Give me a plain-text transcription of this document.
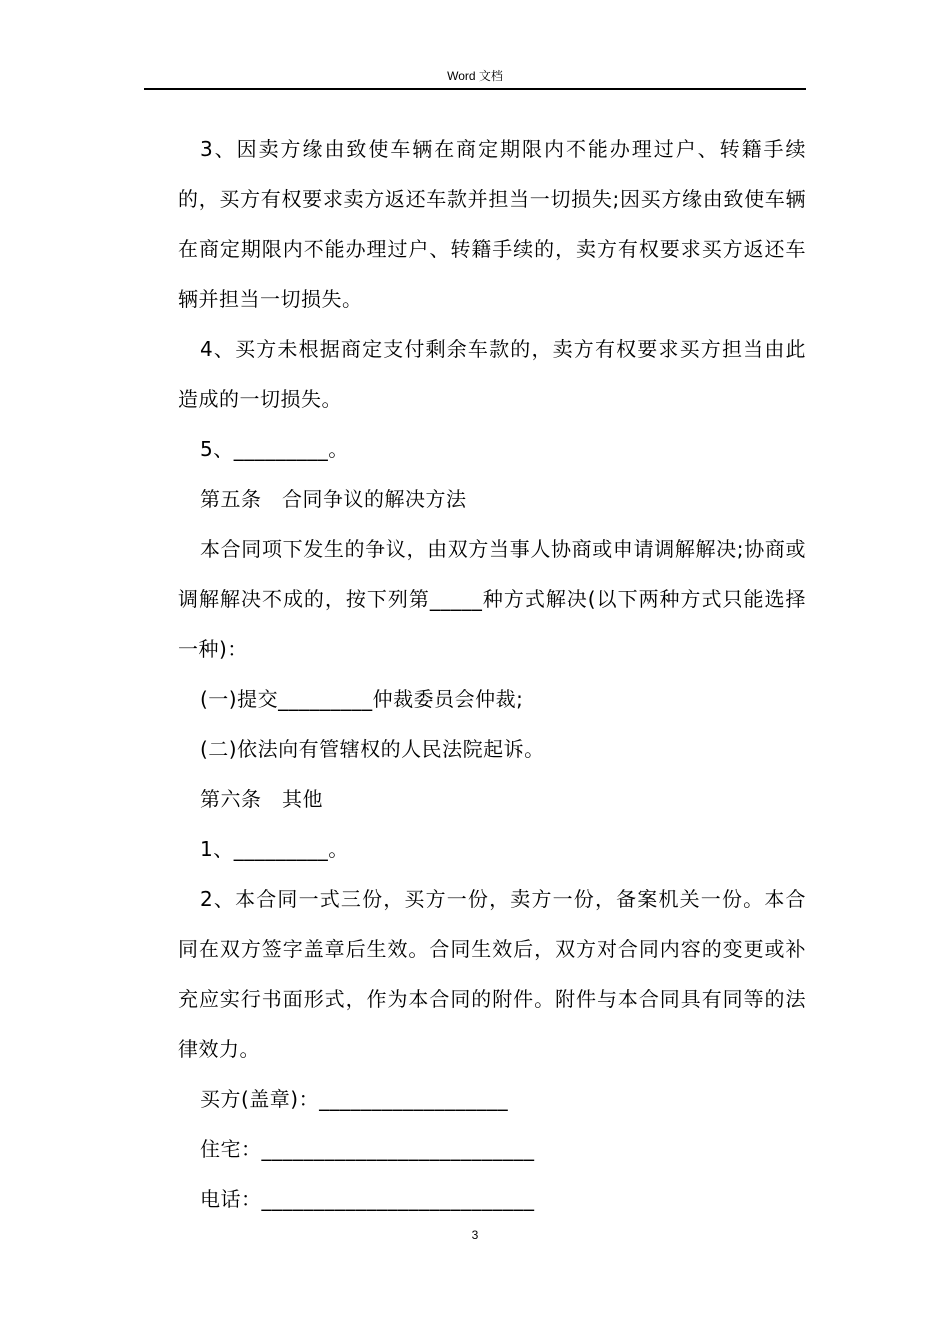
Word 文档

3、因卖方缘由致使车辆在商定期限内不能办理过户、转籍手续的，买方有权要求卖方返还车款并担当一切损失;因买方缘由致使车辆在商定期限内不能办理过户、转籍手续的，卖方有权要求买方返还车辆并担当一切损失。

4、买方未根据商定支付剩余车款的，卖方有权要求买方担当由此造成的一切损失。

5、_________。

第五条　合同争议的解决方法

本合同项下发生的争议，由双方当事人协商或申请调解解决;协商或调解解决不成的，按下列第_____种方式解决(以下两种方式只能选择一种)：

(一)提交_________仲裁委员会仲裁;

(二)依法向有管辖权的人民法院起诉。

第六条　其他

1、_________。

2、本合同一式三份，买方一份，卖方一份，备案机关一份。本合同在双方签字盖章后生效。合同生效后，双方对合同内容的变更或补充应实行书面形式，作为本合同的附件。附件与本合同具有同等的法律效力。

买方(盖章)：__________________

住宅：__________________________

电话：__________________________

3
